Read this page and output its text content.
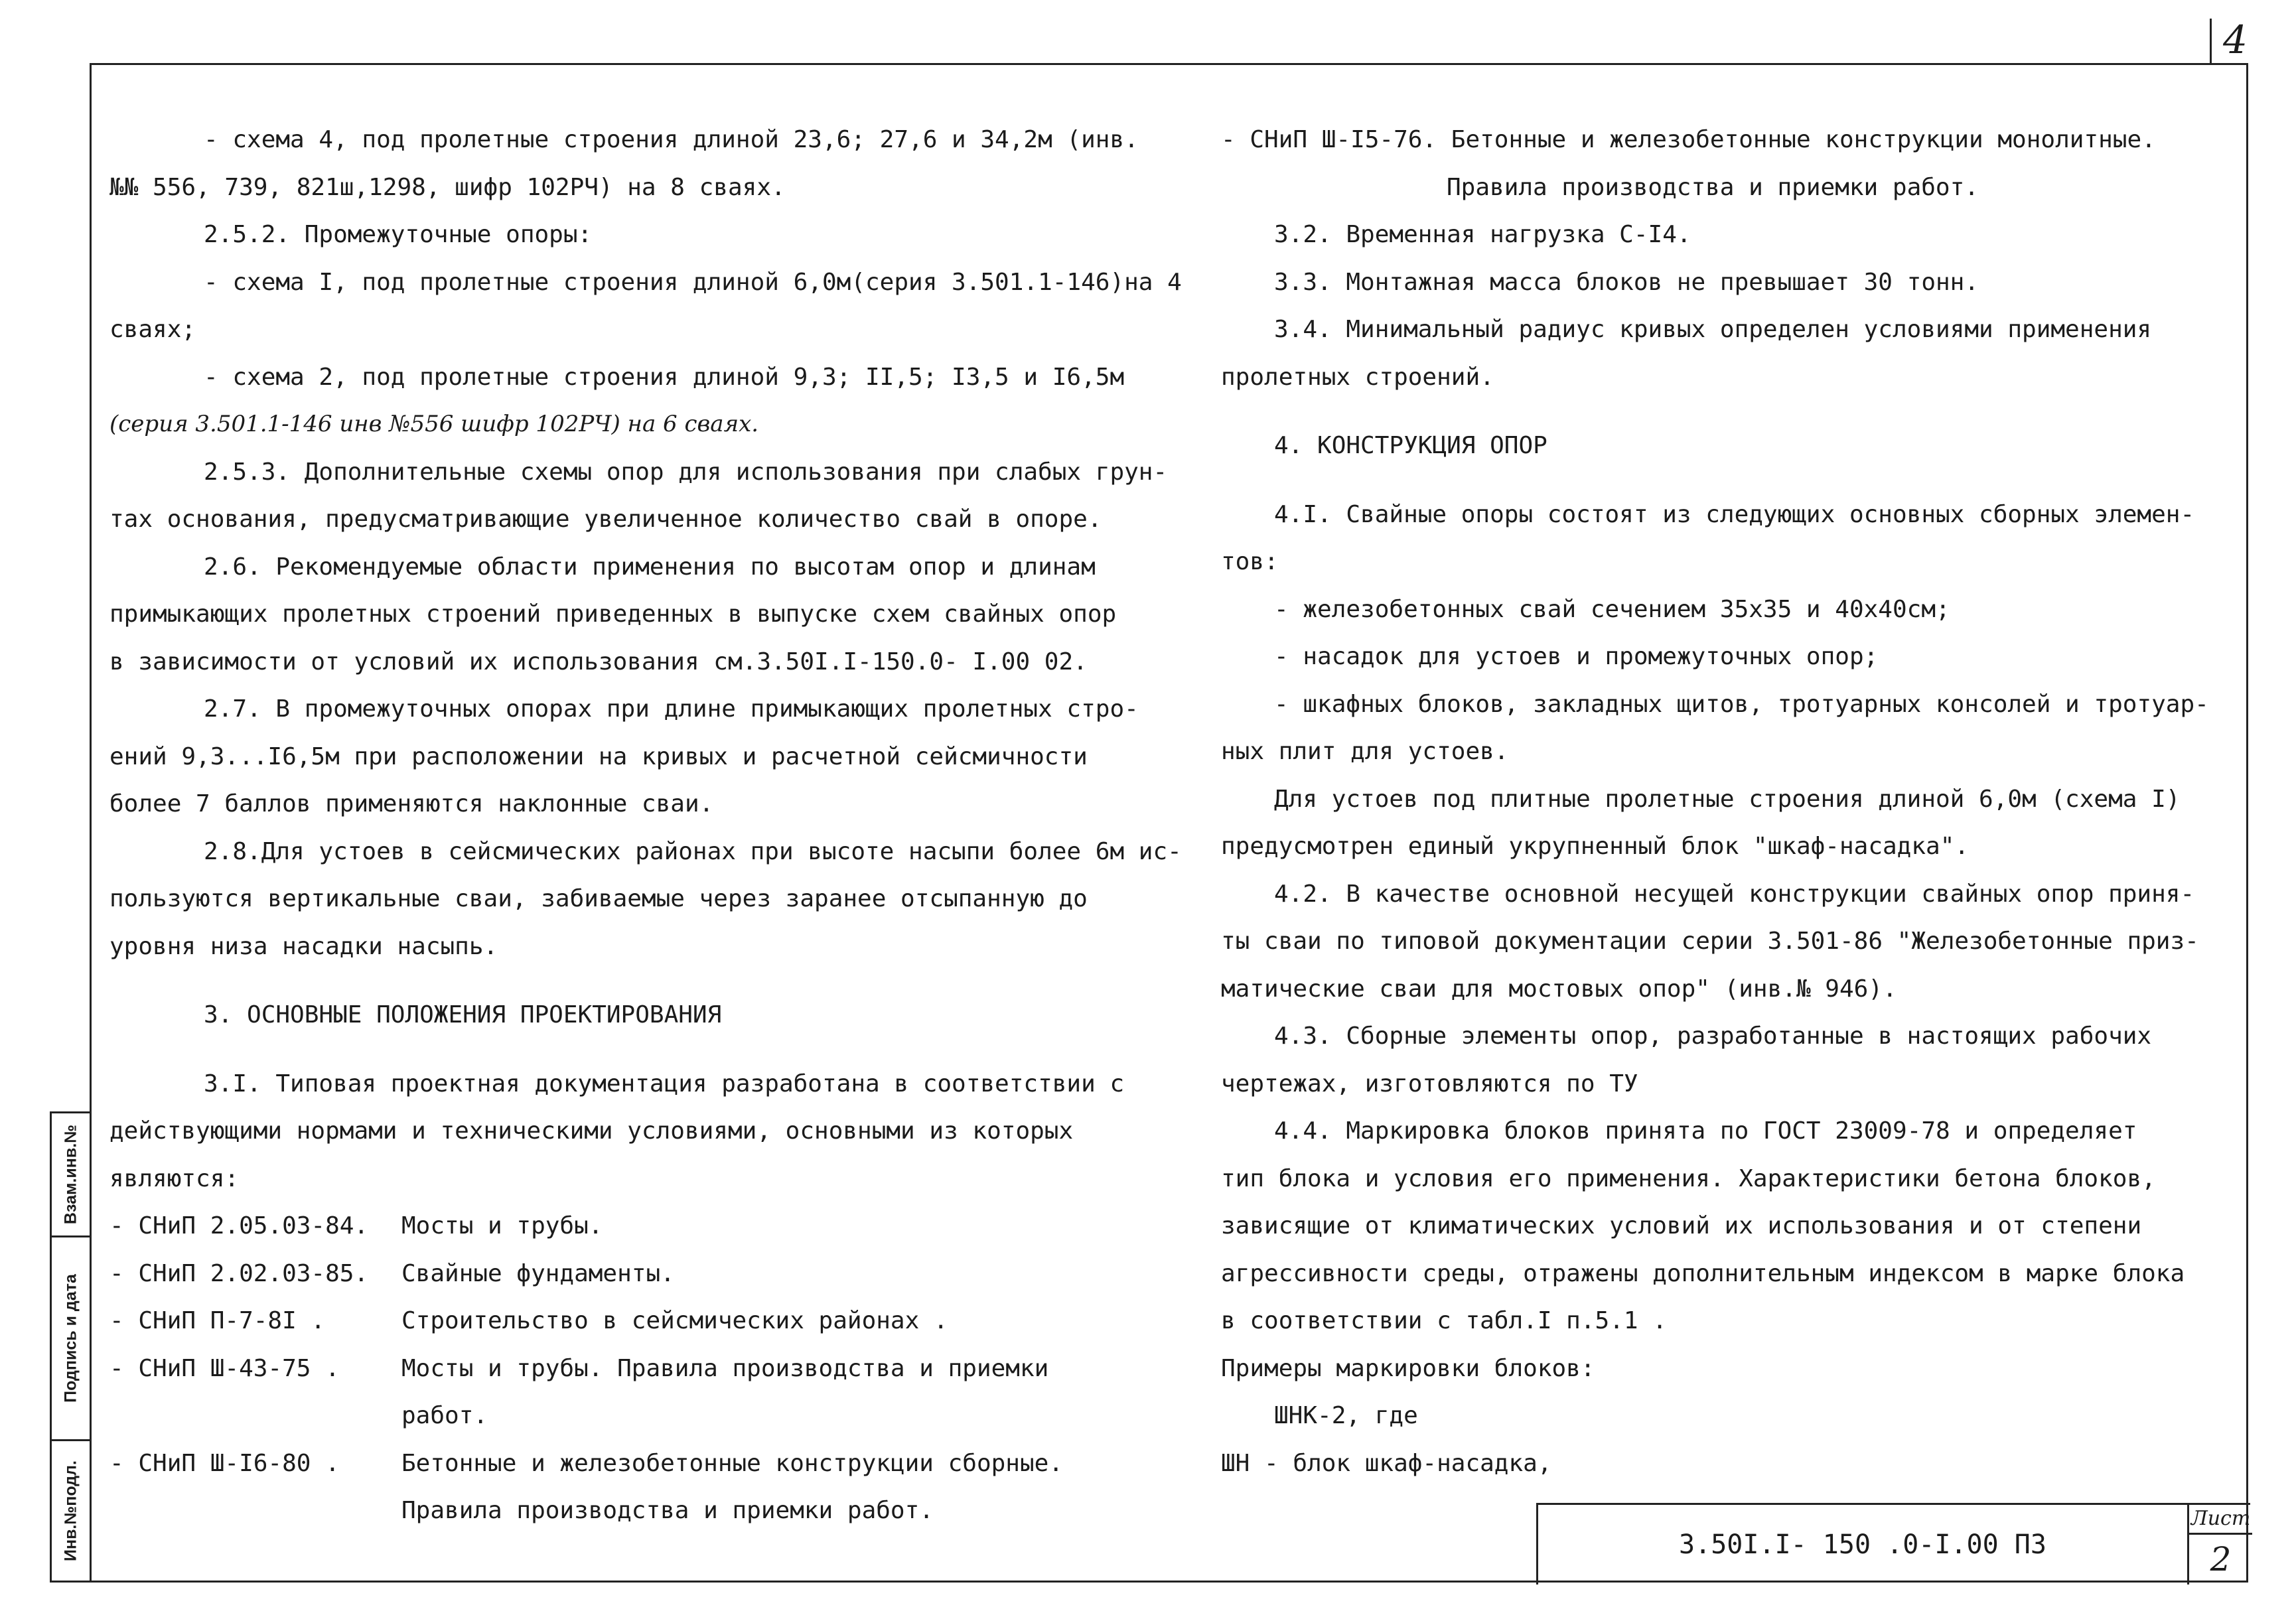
4
Взам.инв.№
Подпись и дата
Инв.№подл.
- схема 4, под пролетные строения длиной 23,6; 27,6 и 34,2м (инв.
№№ 556, 739, 821ш,1298, шифр 102РЧ) на 8 сваях.
2.5.2. Промежуточные опоры:
- схема I, под пролетные строения длиной 6,0м(серия 3.501.1-146)на 4
сваях;
- схема 2, под пролетные строения длиной 9,3; II,5; I3,5 и I6,5м
(серия 3.501.1-146 инв №556 шифр 102РЧ) на 6 сваях.
2.5.3. Дополнительные схемы опор для использования при слабых грун-
тах основания, предусматривающие увеличенное количество свай в опоре.
2.6. Рекомендуемые области применения по высотам опор и длинам
примыкающих пролетных строений приведенных в выпуске схем свайных опор
в зависимости от условий их использования см.3.50I.I-150.0- I.00 02.
2.7. В промежуточных опорах при длине примыкающих пролетных стро-
ений 9,3...I6,5м при расположении на кривых и расчетной сейсмичности
более 7 баллов применяются наклонные сваи.
2.8.Для устоев в сейсмических районах при высоте насыпи более 6м ис-
пользуются вертикальные сваи, забиваемые через заранее отсыпанную до
уровня низа насадки насыпь.
3. ОСНОВНЫЕ ПОЛОЖЕНИЯ ПРОЕКТИРОВАНИЯ
3.I. Типовая проектная документация разработана в соответствии с
действующими нормами и техническими условиями, основными из которых
являются:
- СНиП 2.05.03-84.	Мосты и трубы.
- СНиП 2.02.03-85.	Свайные фундаменты.
- СНиП П-7-8I .	Строительство в сейсмических районах .
- СНиП Ш-43-75 .	Мосты и трубы. Правила производства и приемки
работ.
- СНиП Ш-I6-80 .	Бетонные и железобетонные конструкции сборные.
Правила производства и приемки работ.
- СНиП Ш-I5-76. Бетонные и железобетонные конструкции монолитные.
Правила производства и приемки работ.
3.2. Временная нагрузка С-I4.
3.3. Монтажная масса блоков не превышает 30 тонн.
3.4. Минимальный радиус кривых определен условиями применения
пролетных строений.
4. КОНСТРУКЦИЯ ОПОР
4.I. Свайные опоры состоят из следующих основных сборных элемен-
тов:
- железобетонных свай сечением 35х35 и 40х40см;
- насадок для устоев и промежуточных опор;
- шкафных блоков, закладных щитов, тротуарных консолей и тротуар-
ных плит для устоев.
Для устоев под плитные пролетные строения длиной 6,0м (схема I)
предусмотрен единый укрупненный блок "шкаф-насадка".
4.2. В качестве основной несущей конструкции свайных опор приня-
ты сваи по типовой документации серии 3.501-86 "Железобетонные приз-
матические сваи для мостовых опор" (инв.№ 946).
4.3. Сборные элементы опор, разработанные в настоящих рабочих
чертежах, изготовляются по ТУ
4.4. Маркировка блоков принята по ГОСТ 23009-78 и определяет
тип блока и условия его применения. Характеристики бетона блоков,
зависящие от климатических условий их использования и от степени
агрессивности среды, отражены дополнительным индексом в марке блока
в соответствии с табл.I п.5.1 .
Примеры маркировки блоков:
ШНК-2, где
ШН - блок шкаф-насадка,
3.50I.I- 150 .0-I.00 ПЗ
Лист
2
